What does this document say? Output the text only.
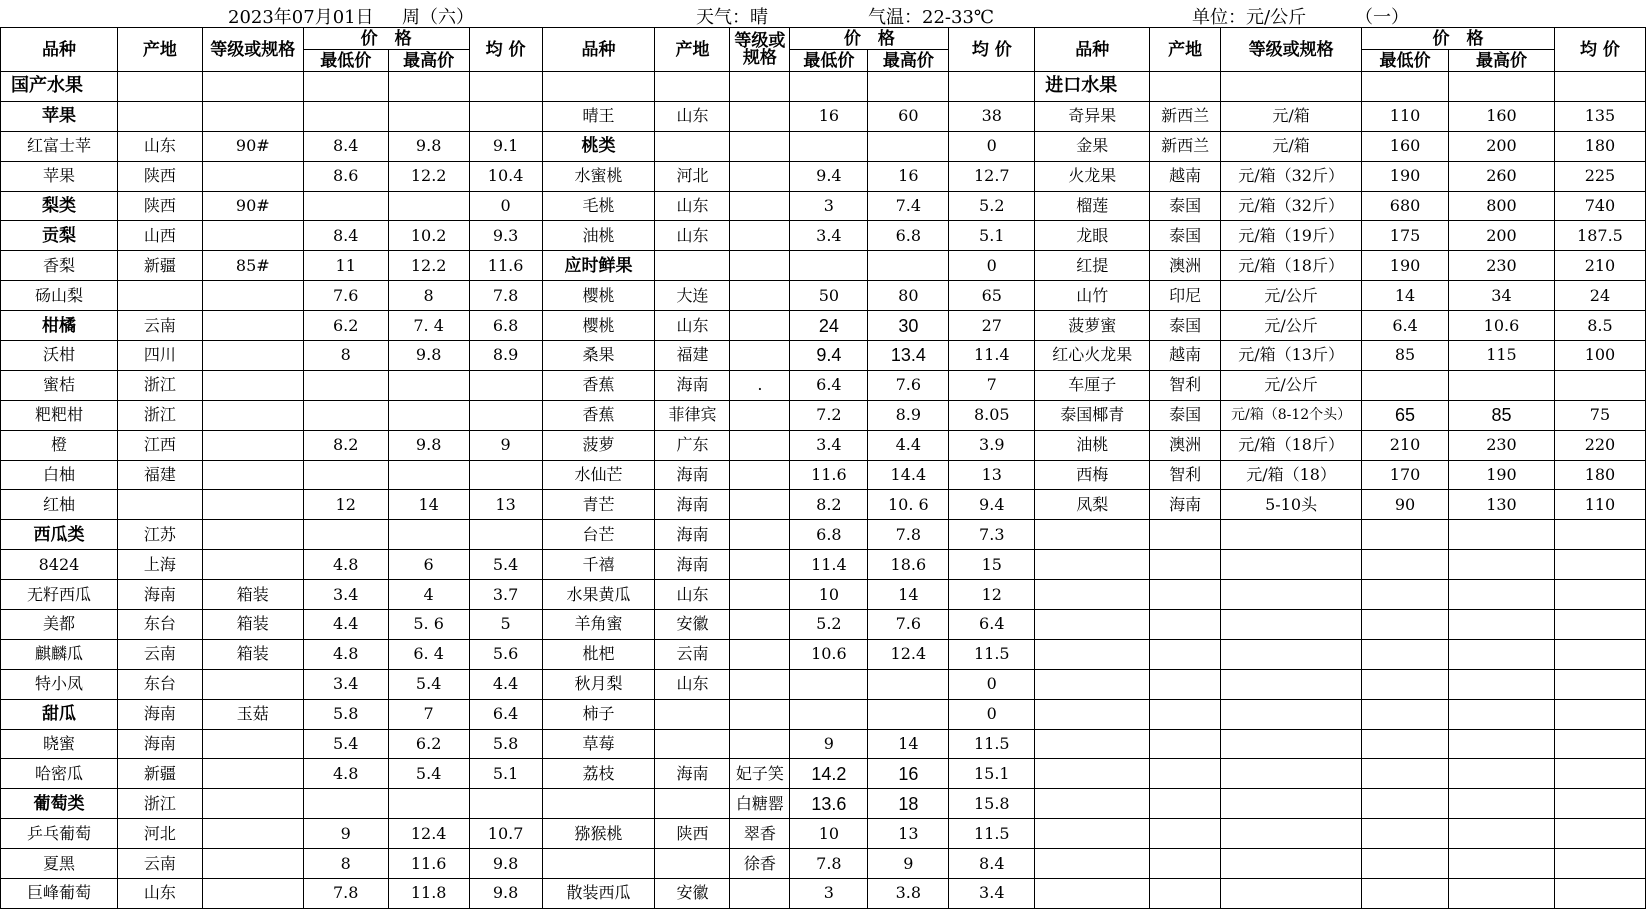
2023年07月01日 周（六）	天气：晴	气温：22-33℃	单位：元/公斤	（一）
品种	产地	等级或规格	价　格		均 价	品种	产地	等级或规格	价　格		均 价	品种	产地	等级或规格	价　格		均 价
			最低价	最高价					最低价	最高价					最低价	最高价	
国产水果												进口水果					
苹果						晴王	山东		16	60	38	奇异果	新西兰	元/箱	110	160	135
红富士苹	山东	90#	8.4	9.8	9.1	桃类					0	金果	新西兰	元/箱	160	200	180
苹果	陕西		8.6	12.2	10.4	水蜜桃	河北		9.4	16	12.7	火龙果	越南	元/箱（32斤）	190	260	225
梨类	陕西	90#			0	毛桃	山东		3	7.4	5.2	榴莲	泰国	元/箱（32斤）	680	800	740
贡梨	山西		8.4	10.2	9.3	油桃	山东		3.4	6.8	5.1	龙眼	泰国	元/箱（19斤）	175	200	187.5
香梨	新疆	85#	11	12.2	11.6	应时鲜果					0	红提	澳洲	元/箱（18斤）	190	230	210
砀山梨			7.6	8	7.8	樱桃	大连		50	80	65	山竹	印尼	元/公斤	14	34	24
柑橘	云南		6.2	7. 4	6.8	樱桃	山东		24	30	27	菠萝蜜	泰国	元/公斤	6.4	10.6	8.5
沃柑	四川		8	9.8	8.9	桑果	福建		9.4	13.4	11.4	红心火龙果	越南	元/箱（13斤）	85	115	100
蜜桔	浙江					香蕉	海南	.	6.4	7.6	7	车厘子	智利	元/公斤			
粑粑柑	浙江					香蕉	菲律宾		7.2	8.9	8.05	泰国椰青	泰国	元/箱（8-12个头）	65	85	75
橙	江西		8.2	9.8	9	菠萝	广东		3.4	4.4	3.9	油桃	澳洲	元/箱（18斤）	210	230	220
白柚	福建					水仙芒	海南		11.6	14.4	13	西梅	智利	元/箱（18）	170	190	180
红柚			12	14	13	青芒	海南		8.2	10. 6	9.4	凤梨	海南	5-10头	90	130	110
西瓜类	江苏					台芒	海南		6.8	7.8	7.3						
8424	上海		4.8	6	5.4	千禧	海南		11.4	18.6	15						
无籽西瓜	海南	箱装	3.4	4	3.7	水果黄瓜	山东		10	14	12						
美都	东台	箱装	4.4	5. 6	5	羊角蜜	安徽		5.2	7.6	6.4						
麒麟瓜	云南	箱装	4.8	6. 4	5.6	枇杷	云南		10.6	12.4	11.5						
特小凤	东台		3.4	5.4	4.4	秋月梨	山东				0						
甜瓜	海南	玉菇	5.8	7	6.4	柿子					0						
晓蜜	海南		5.4	6.2	5.8	草莓			9	14	11.5						
哈密瓜	新疆		4.8	5.4	5.1	荔枝	海南	妃子笑	14.2	16	15.1						
葡萄类	浙江							白糖罂	13.6	18	15.8						
乒乓葡萄	河北		9	12.4	10.7	猕猴桃	陕西	翠香	10	13	11.5						
夏黑	云南		8	11.6	9.8			徐香	7.8	9	8.4						
巨峰葡萄	山东		7.8	11.8	9.8	散装西瓜	安徽		3	3.8	3.4						
